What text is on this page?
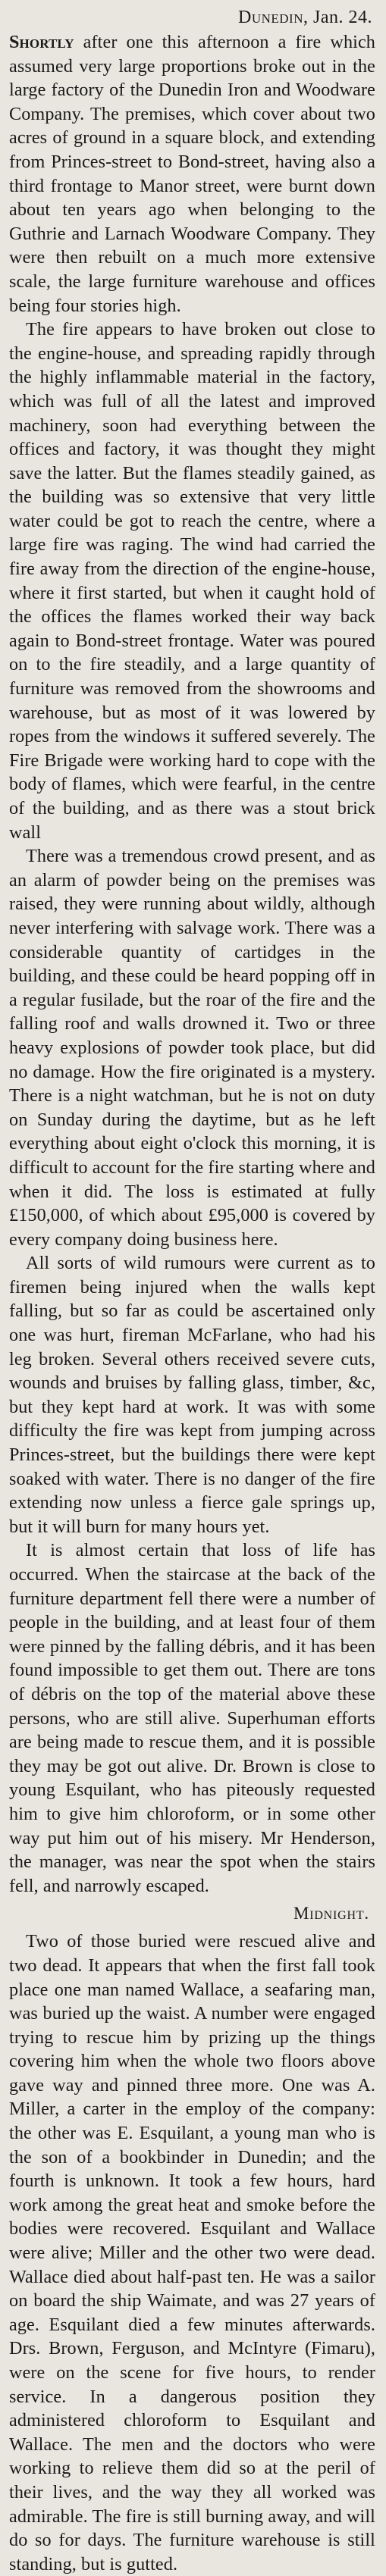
Dunedin, Jan. 24.

Shortly after one this afternoon a fire which assumed very large proportions broke out in the large factory of the Dunedin Iron and Woodware Company. The premises, which cover about two acres of ground in a square block, and extending from Princes-street to Bond-street, having also a third frontage to Manor street, were burnt down about ten years ago when belonging to the Guthrie and Larnach Woodware Company. They were then rebuilt on a much more extensive scale, the large furniture warehouse and offices being four stories high.

The fire appears to have broken out close to the engine-house, and spreading rapidly through the highly inflammable material in the factory, which was full of all the latest and improved machinery, soon had everything between the offices and factory, it was thought they might save the latter. But the flames steadily gained, as the building was so extensive that very little water could be got to reach the centre, where a large fire was raging. The wind had carried the fire away from the direction of the engine-house, where it first started, but when it caught hold of the offices the flames worked their way back again to Bond-street frontage. Water was poured on to the fire steadily, and a large quantity of furniture was removed from the showrooms and warehouse, but as most of it was lowered by ropes from the windows it suffered severely. The Fire Brigade were working hard to cope with the body of flames, which were fearful, in the centre of the building, and as there was a stout brick wall

There was a tremendous crowd present, and as an alarm of powder being on the premises was raised, they were running about wildly, although never interfering with salvage work. There was a considerable quantity of cartidges in the building, and these could be heard popping off in a regular fusilade, but the roar of the fire and the falling roof and walls drowned it. Two or three heavy explosions of powder took place, but did no damage. How the fire originated is a mystery. There is a night watchman, but he is not on duty on Sunday during the daytime, but as he left everything about eight o'clock this morning, it is difficult to account for the fire starting where and when it did. The loss is estimated at fully £150,000, of which about £95,000 is covered by every company doing business here.

All sorts of wild rumours were current as to firemen being injured when the walls kept falling, but so far as could be ascertained only one was hurt, fireman McFarlane, who had his leg broken. Several others received severe cuts, wounds and bruises by falling glass, timber, &c, but they kept hard at work. It was with some difficulty the fire was kept from jumping across Princes-street, but the buildings there were kept soaked with water. There is no danger of the fire extending now unless a fierce gale springs up, but it will burn for many hours yet.

It is almost certain that loss of life has occurred. When the staircase at the back of the furniture department fell there were a number of people in the building, and at least four of them were pinned by the falling débris, and it has been found impossible to get them out. There are tons of débris on the top of the material above these persons, who are still alive. Superhuman efforts are being made to rescue them, and it is possible they may be got out alive. Dr. Brown is close to young Esquilant, who has piteously requested him to give him chloroform, or in some other way put him out of his misery. Mr Henderson, the manager, was near the spot when the stairs fell, and narrowly escaped.

Midnight.

Two of those buried were rescued alive and two dead. It appears that when the first fall took place one man named Wallace, a seafaring man, was buried up the waist. A number were engaged trying to rescue him by prizing up the things covering him when the whole two floors above gave way and pinned three more. One was A. Miller, a carter in the employ of the company: the other was E. Esquilant, a young man who is the son of a bookbinder in Dunedin; and the fourth is unknown. It took a few hours, hard work among the great heat and smoke before the bodies were recovered. Esquilant and Wallace were alive; Miller and the other two were dead. Wallace died about half-past ten. He was a sailor on board the ship Waimate, and was 27 years of age. Esquilant died a few minutes afterwards. Drs. Brown, Ferguson, and McIntyre (Fimaru), were on the scene for five hours, to render service. In a dangerous position they administered chloroform to Esquilant and Wallace. The men and the doctors who were working to relieve them did so at the peril of their lives, and the way they all worked was admirable. The fire is still burning away, and will do so for days. The furniture warehouse is still standing, but is gutted.
